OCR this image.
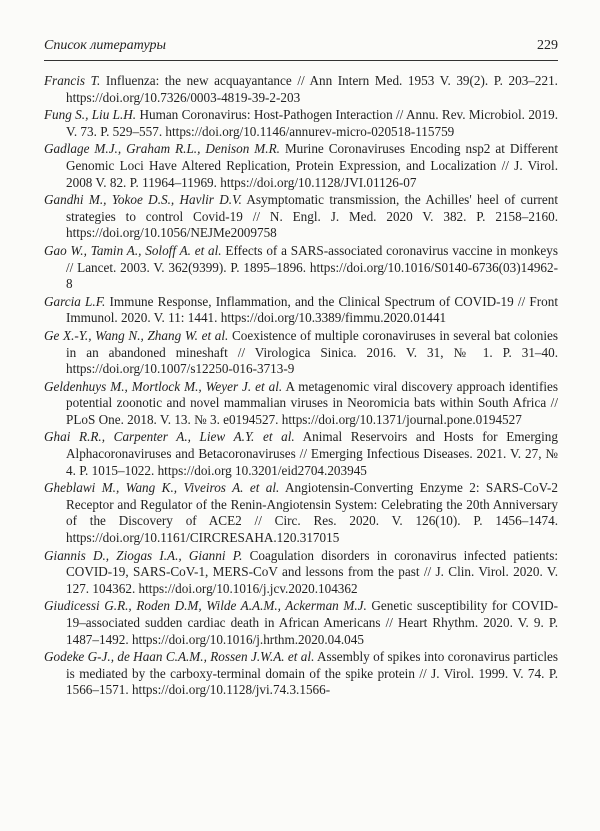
Список литературы	229

Francis T. Influenza: the new acquayantance // Ann Intern Med. 1953 V. 39(2). P. 203–221. https://doi.org/10.7326/0003-4819-39-2-203

Fung S., Liu L.H. Human Coronavirus: Host-Pathogen Interaction // Annu. Rev. Microbiol. 2019. V. 73. P. 529–557. https://doi.org/10.1146/annurev-micro-020518-115759

Gadlage M.J., Graham R.L., Denison M.R. Murine Coronaviruses Encoding nsp2 at Different Genomic Loci Have Altered Replication, Protein Expression, and Localization // J. Virol. 2008 V. 82. P. 11964–11969. https://doi.org/10.1128/JVI.01126-07

Gandhi M., Yokoe D.S., Havlir D.V. Asymptomatic transmission, the Achilles' heel of current strategies to control Covid-19 // N. Engl. J. Med. 2020 V. 382. P. 2158–2160. https://doi.org/10.1056/NEJMe2009758

Gao W., Tamin A., Soloff A. et al. Effects of a SARS-associated coronavirus vaccine in monkeys // Lancet. 2003. V. 362(9399). P. 1895–1896. https://doi.org/10.1016/S0140-6736(03)14962-8

Garcia L.F. Immune Response, Inflammation, and the Clinical Spectrum of COVID-19 // Front Immunol. 2020. V. 11: 1441. https://doi.org/10.3389/fimmu.2020.01441

Ge X.-Y., Wang N., Zhang W. et al. Coexistence of multiple coronaviruses in several bat colonies in an abandoned mineshaft // Virologica Sinica. 2016. V. 31, № 1. P. 31–40. https://doi.org/10.1007/s12250-016-3713-9

Geldenhuys M., Mortlock M., Weyer J. et al. A metagenomic viral discovery approach identifies potential zoonotic and novel mammalian viruses in Neoromicia bats within South Africa // PLoS One. 2018. V. 13. № 3. e0194527. https://doi.org/10.1371/journal.pone.0194527

Ghai R.R., Carpenter A., Liew A.Y. et al. Animal Reservoirs and Hosts for Emerging Alphacoronaviruses and Betacoronaviruses // Emerging Infectious Diseases. 2021. V. 27, № 4. P. 1015–1022. https://doi.org 10.3201/eid2704.203945

Gheblawi M., Wang K., Viveiros A. et al. Angiotensin-Converting Enzyme 2: SARS-CoV-2 Receptor and Regulator of the Renin-Angiotensin System: Celebrating the 20th Anniversary of the Discovery of ACE2 // Circ. Res. 2020. V. 126(10). P. 1456–1474. https://doi.org/10.1161/CIRCRESAHA.120.317015

Giannis D., Ziogas I.A., Gianni P. Coagulation disorders in coronavirus infected patients: COVID-19, SARS-CoV-1, MERS-CoV and lessons from the past // J. Clin. Virol. 2020. V. 127. 104362. https://doi.org/10.1016/j.jcv.2020.104362

Giudicessi G.R., Roden D.M, Wilde A.A.M., Ackerman M.J. Genetic susceptibility for COVID-19–associated sudden cardiac death in African Americans // Heart Rhythm. 2020. V. 9. P. 1487–1492. https://doi.org/10.1016/j.hrthm.2020.04.045

Godeke G-J., de Haan C.A.M., Rossen J.W.A. et al. Assembly of spikes into coronavirus particles is mediated by the carboxy-terminal domain of the spike protein // J. Virol. 1999. V. 74. P. 1566–1571. https://doi.org/10.1128/jvi.74.3.1566-
